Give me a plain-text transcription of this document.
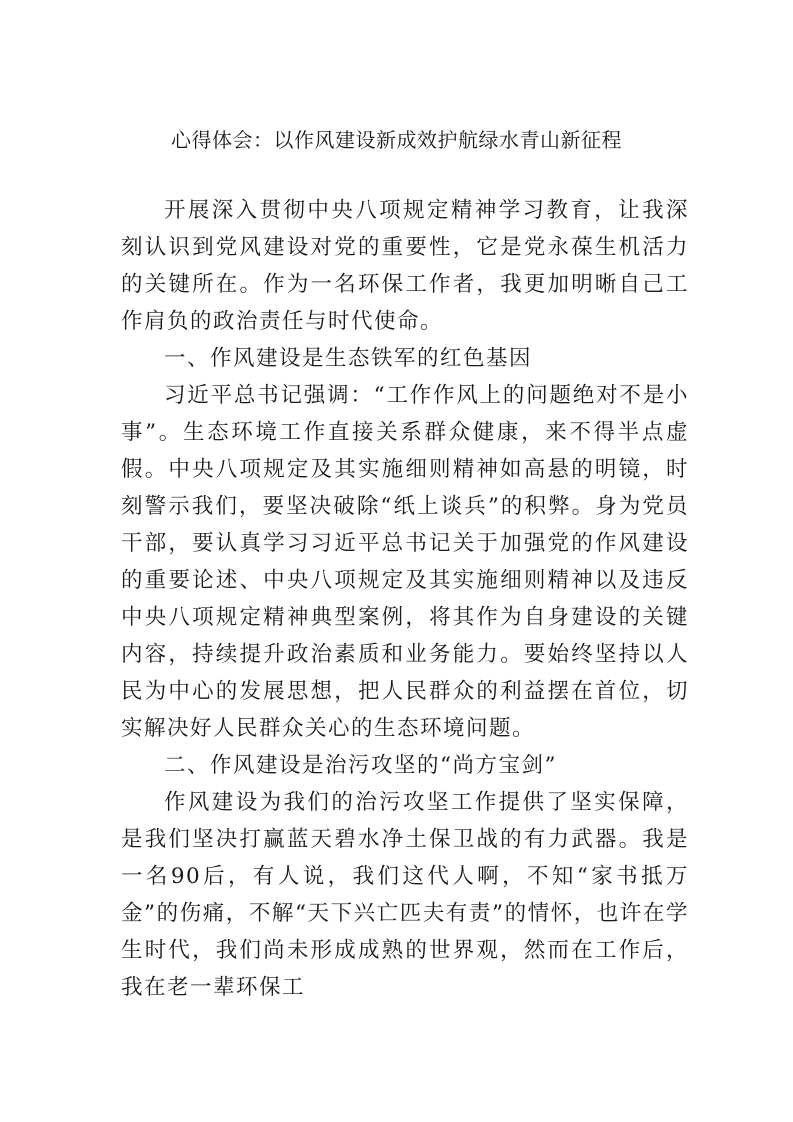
心得体会：以作风建设新成效护航绿水青山新征程

开展深入贯彻中央八项规定精神学习教育，让我深刻认识到党风建设对党的重要性，它是党永葆生机活力的关键所在。作为一名环保工作者，我更加明晰自己工作肩负的政治责任与时代使命。

一、作风建设是生态铁军的红色基因

习近平总书记强调：“工作作风上的问题绝对不是小事”。生态环境工作直接关系群众健康，来不得半点虚假。中央八项规定及其实施细则精神如高悬的明镜，时刻警示我们，要坚决破除“纸上谈兵”的积弊。身为党员干部，要认真学习习近平总书记关于加强党的作风建设的重要论述、中央八项规定及其实施细则精神以及违反中央八项规定精神典型案例，将其作为自身建设的关键内容，持续提升政治素质和业务能力。要始终坚持以人民为中心的发展思想，把人民群众的利益摆在首位，切实解决好人民群众关心的生态环境问题。

二、作风建设是治污攻坚的“尚方宝剑”

作风建设为我们的治污攻坚工作提供了坚实保障，是我们坚决打赢蓝天碧水净土保卫战的有力武器。我是一名90后，有人说，我们这代人啊，不知“家书抵万金”的伤痛，不解“天下兴亡匹夫有责”的情怀，也许在学生时代，我们尚未形成成熟的世界观，然而在工作后，我在老一辈环保工
